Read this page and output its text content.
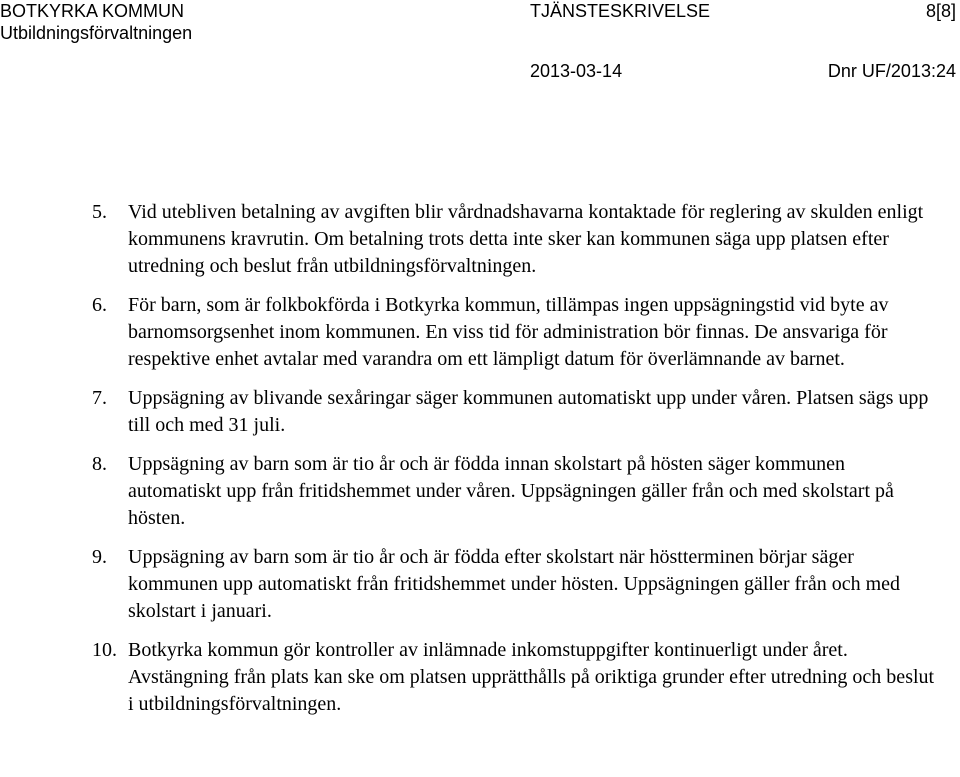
BOTKYRKA KOMMUN
Utbildningsförvaltningen
TJÄNSTESKRIVELSE	8[8]
2013-03-14	Dnr UF/2013:24
5. Vid utebliven betalning av avgiften blir vårdnadshavarna kontaktade för reglering av skulden enligt kommunens kravrutin. Om betalning trots detta inte sker kan kommunen säga upp platsen efter utredning och beslut från utbildningsförvaltningen.

6. För barn, som är folkbokförda i Botkyrka kommun, tillämpas ingen uppsägningstid vid byte av barnomsorgsenhet inom kommunen. En viss tid för administration bör finnas. De ansvariga för respektive enhet avtalar med varandra om ett lämpligt datum för överlämnande av barnet.

7. Uppsägning av blivande sexåringar säger kommunen automatiskt upp under våren. Platsen sägs upp till och med 31 juli.

8. Uppsägning av barn som är tio år och är födda innan skolstart på hösten säger kommunen automatiskt upp från fritidshemmet under våren. Uppsägningen gäller från och med skolstart på hösten.

9. Uppsägning av barn som är tio år och är födda efter skolstart när höstterminen börjar säger kommunen upp automatiskt från fritidshemmet under hösten. Uppsägningen gäller från och med skolstart i januari.

10. Botkyrka kommun gör kontroller av inlämnade inkomstuppgifter kontinuerligt under året. Avstängning från plats kan ske om platsen upprätthålls på oriktiga grunder efter utredning och beslut i utbildningsförvaltningen.
